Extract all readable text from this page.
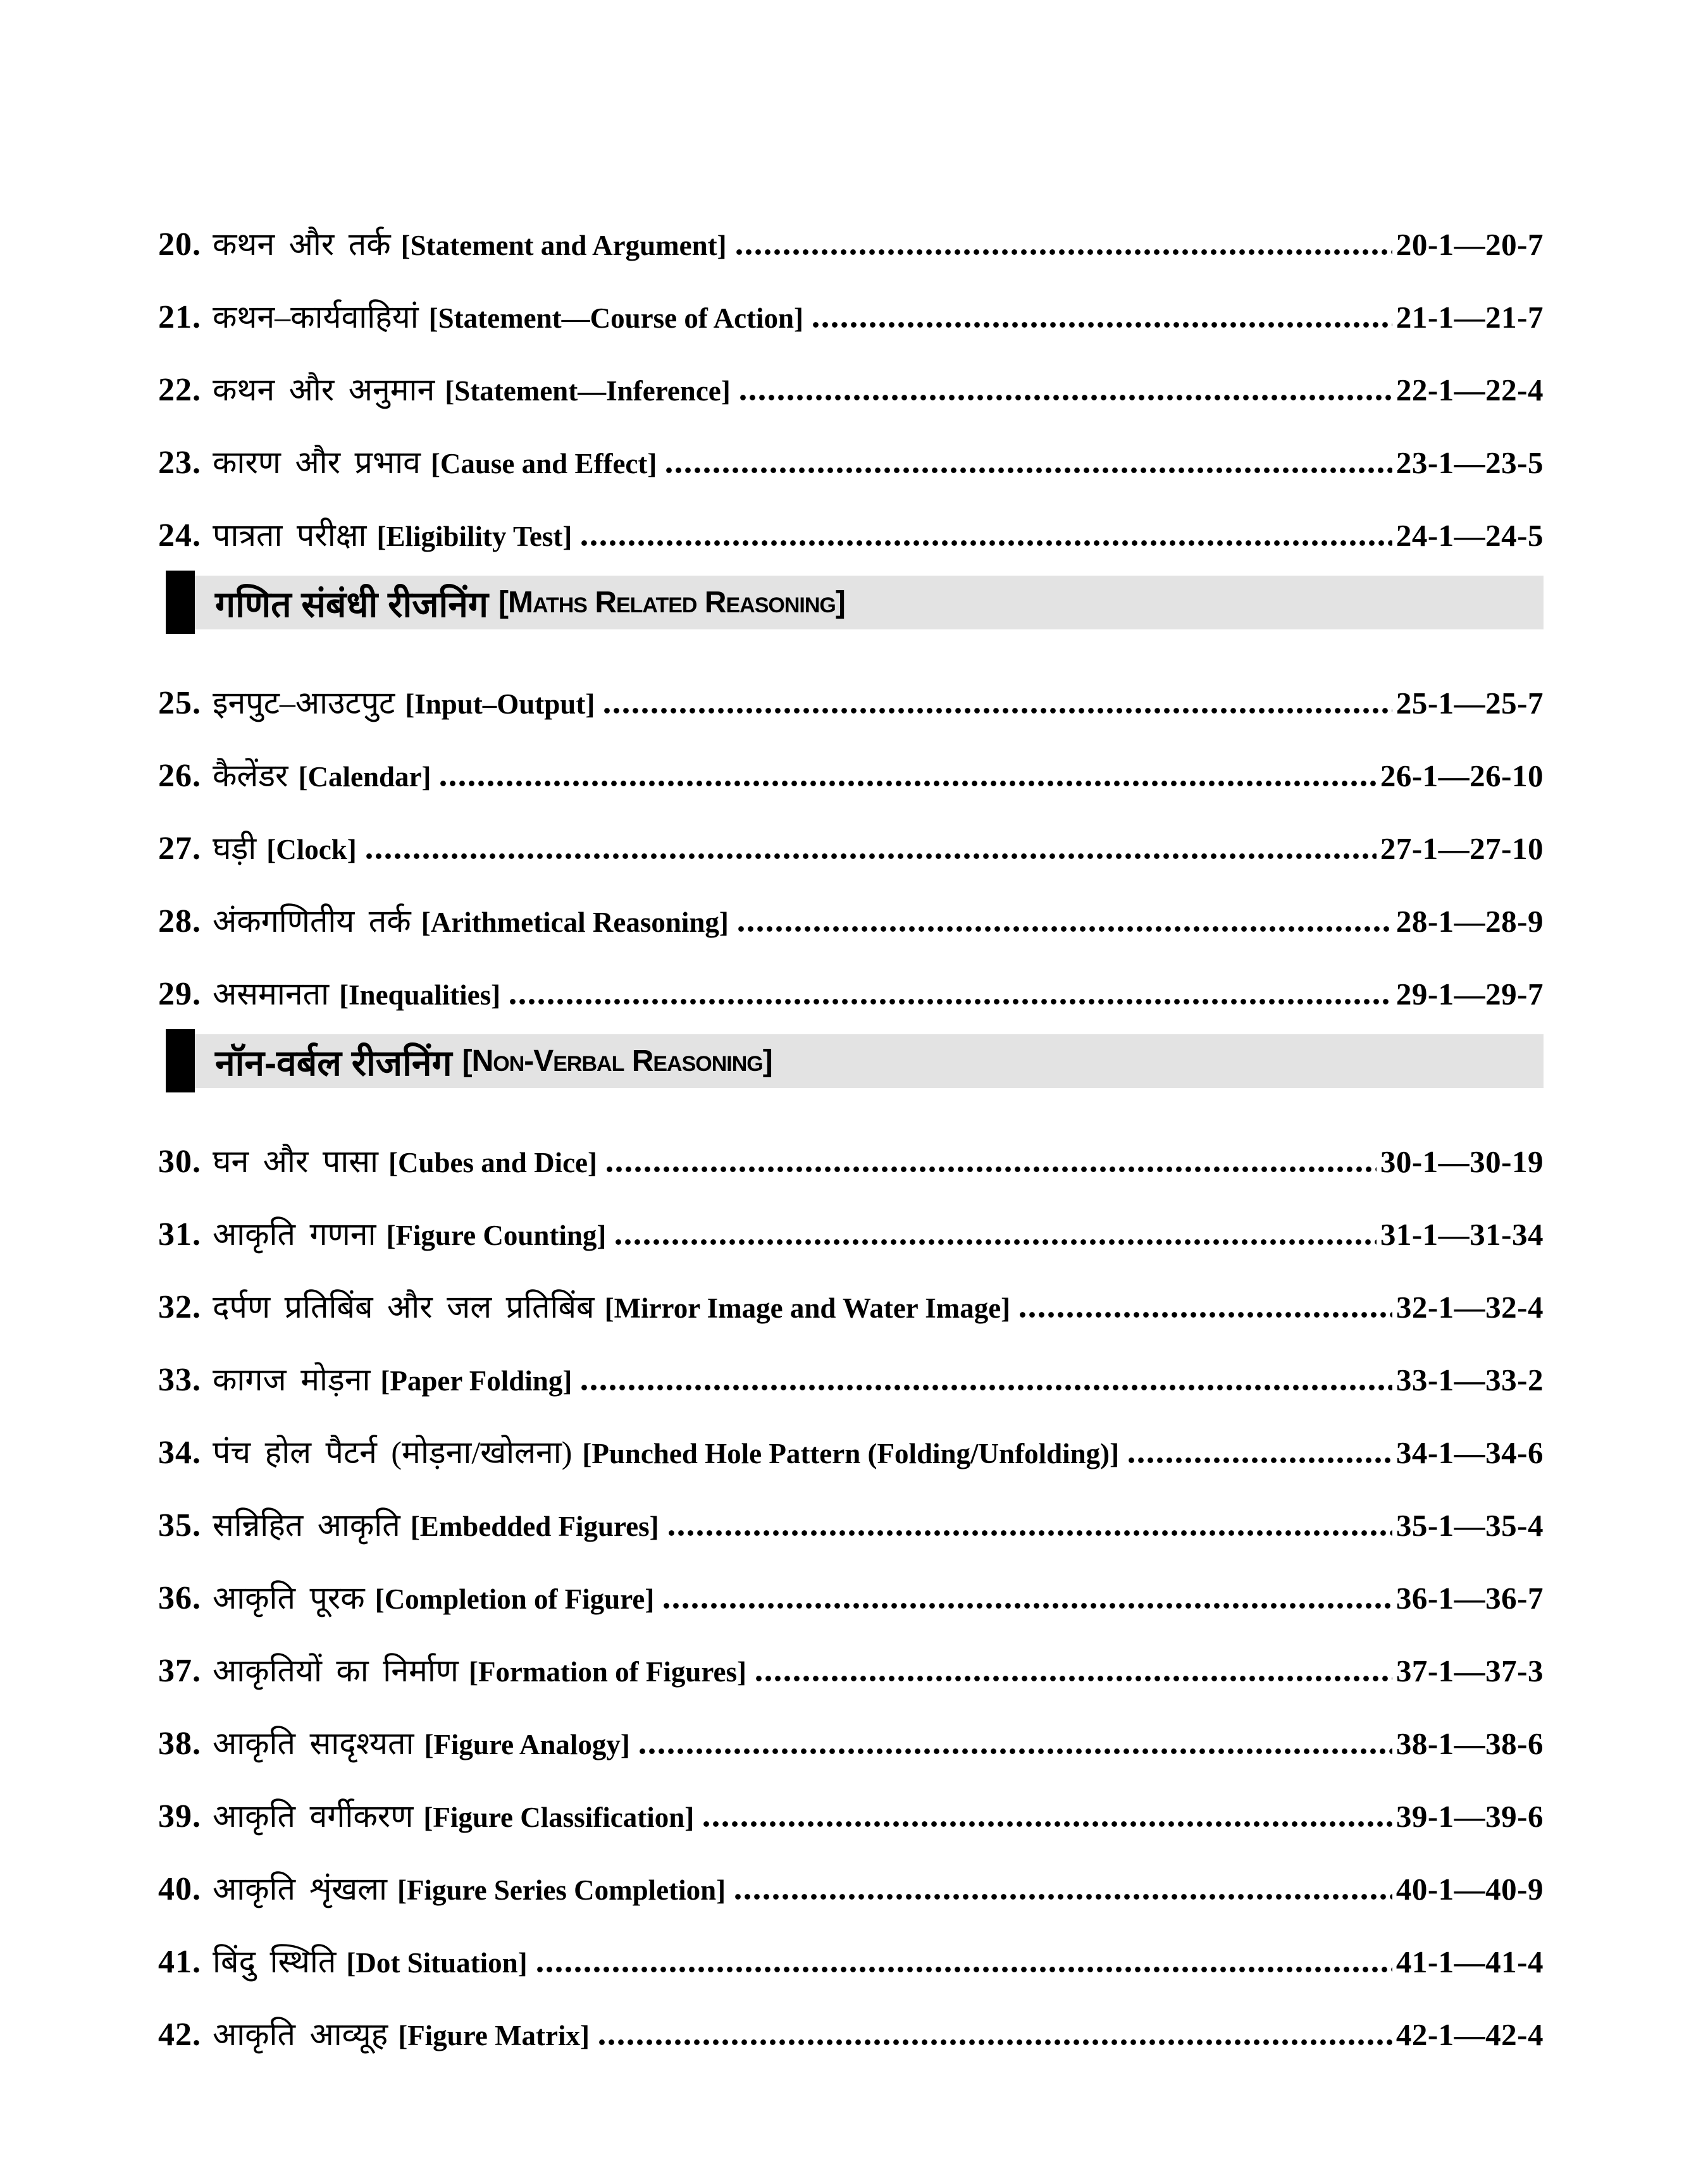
20. कथन और तर्क [Statement and Argument]	20-1—20-7
21. कथन–कार्यवाहियां [Statement—Course of Action]	21-1—21-7
22. कथन और अनुमान [Statement—Inference]	22-1—22-4
23. कारण और प्रभाव [Cause and Effect]	23-1—23-5
24. पात्रता परीक्षा [Eligibility Test]	24-1—24-5
गणित संबंधी रीजनिंग [Maths Related Reasoning]
25. इनपुट–आउटपुट [Input–Output]	25-1—25-7
26. कैलेंडर [Calendar]	26-1—26-10
27. घड़ी [Clock]	27-1—27-10
28. अंकगणितीय तर्क [Arithmetical Reasoning]	28-1—28-9
29. असमानता [Inequalities]	29-1—29-7
नॉन-वर्बल रीजनिंग [Non-Verbal Reasoning]
30. घन और पासा [Cubes and Dice]	30-1—30-19
31. आकृति गणना [Figure Counting]	31-1—31-34
32. दर्पण प्रतिबिंब और जल प्रतिबिंब [Mirror Image and Water Image]	32-1—32-4
33. कागज मोड़ना [Paper Folding]	33-1—33-2
34. पंच होल पैटर्न (मोड़ना/खोलना) [Punched Hole Pattern (Folding/Unfolding)]	34-1—34-6
35. सन्निहित आकृति [Embedded Figures]	35-1—35-4
36. आकृति पूरक [Completion of Figure]	36-1—36-7
37. आकृतियों का निर्माण [Formation of Figures]	37-1—37-3
38. आकृति सादृश्यता [Figure Analogy]	38-1—38-6
39. आकृति वर्गीकरण [Figure Classification]	39-1—39-6
40. आकृति शृंखला [Figure Series Completion]	40-1—40-9
41. बिंदु स्थिति [Dot Situation]	41-1—41-4
42. आकृति आव्यूह [Figure Matrix]	42-1—42-4
